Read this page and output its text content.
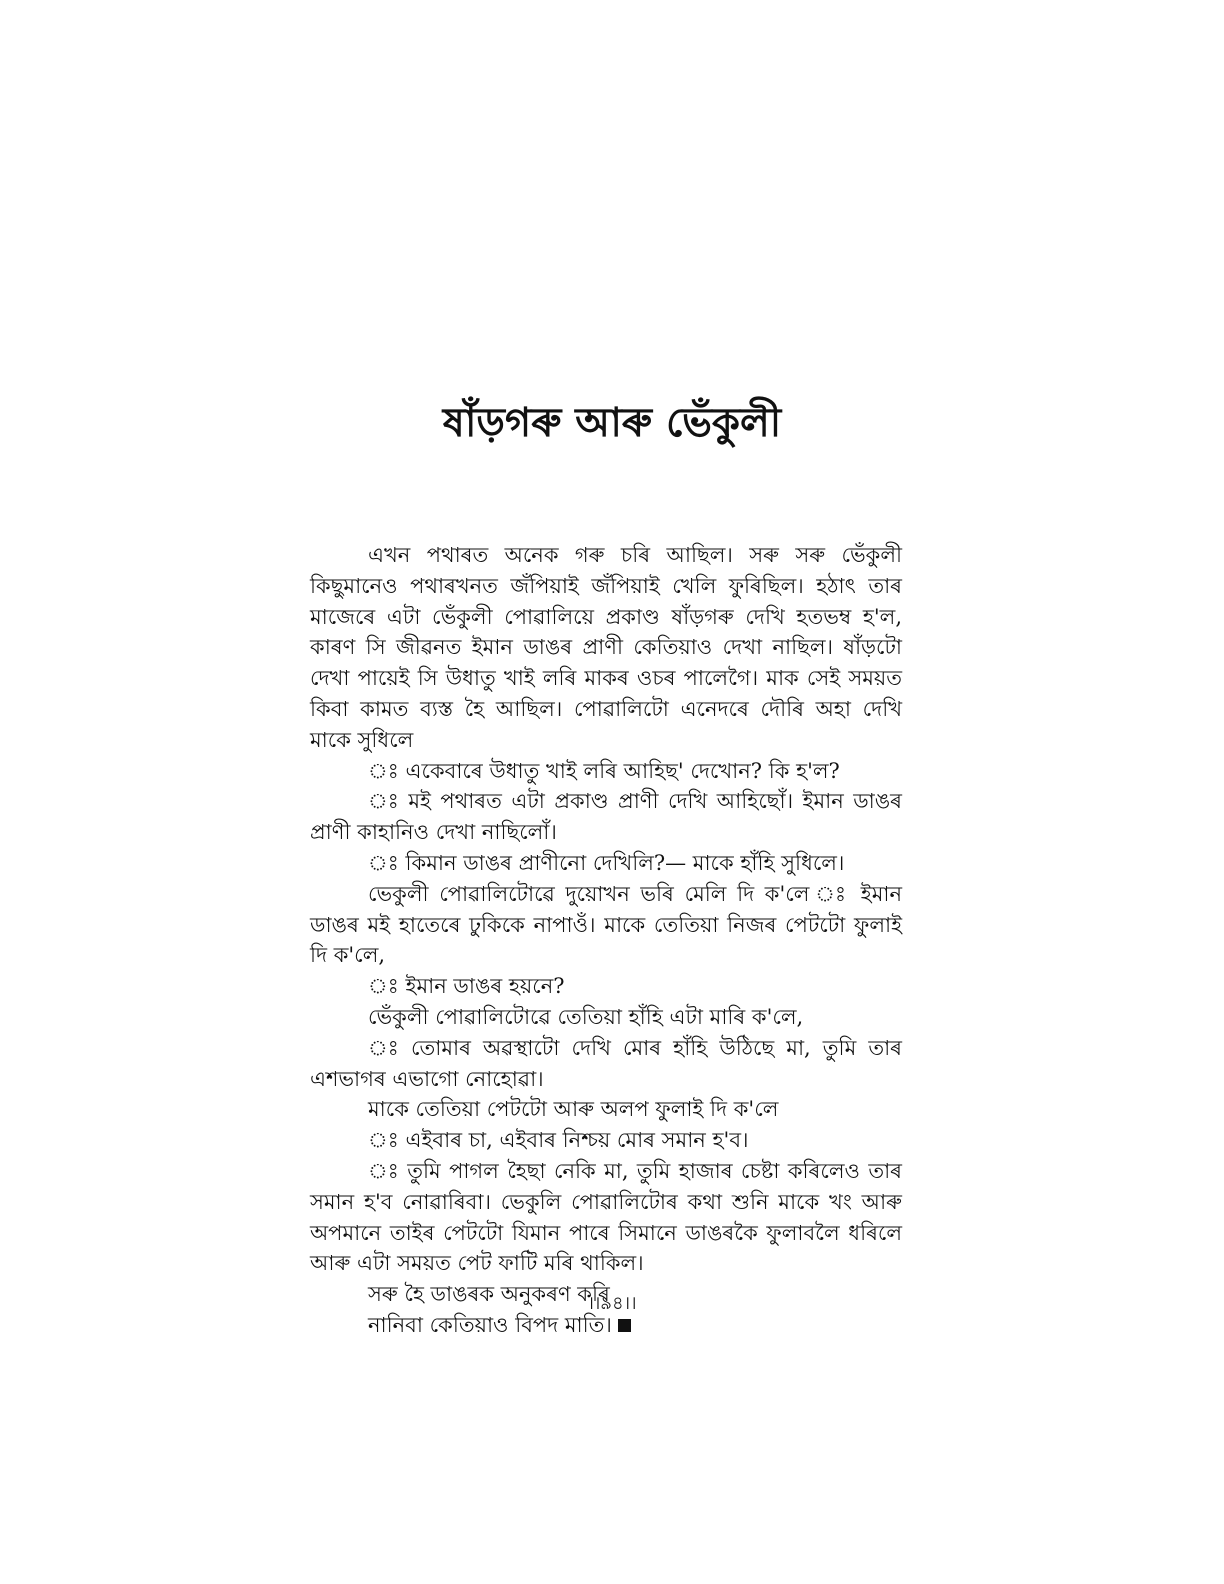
ষাঁড়গৰু আৰু ভেঁকুলী

এখন পথাৰত অনেক গৰু চৰি আছিল। সৰু সৰু ভেঁকুলী কিছুমানেও পথাৰখনত জঁপিয়াই জঁপিয়াই খেলি ফুৰিছিল। হঠাৎ তাৰ মাজেৰে এটা ভেঁকুলী পোৱালিয়ে প্ৰকাণ্ড ষাঁড়গৰু দেখি হতভম্ব হ'ল, কাৰণ সি জীৱনত ইমান ডাঙৰ প্ৰাণী কেতিয়াও দেখা নাছিল। ষাঁড়টো দেখা পায়েই সি উধাতু খাই লৰি মাকৰ ওচৰ পালেগৈ। মাক সেই সময়ত কিবা কামত ব্যস্ত হৈ আছিল। পোৱালিটো এনেদৰে দৌৰি অহা দেখি মাকে সুধিলে

ঃ একেবাৰে উধাতু খাই লৰি আহিছ' দেখোন? কি হ'ল?

ঃ মই পথাৰত এটা প্ৰকাণ্ড প্ৰাণী দেখি আহিছোঁ। ইমান ডাঙৰ প্ৰাণী কাহানিও দেখা নাছিলোঁ।

ঃ কিমান ডাঙৰ প্ৰাণীনো দেখিলি?— মাকে হাঁহি সুধিলে।

ভেকুলী পোৱালিটোৱে দুয়োখন ভৰি মেলি দি ক'লে ঃ ইমান ডাঙৰ মই হাতেৰে ঢুকিকে নাপাওঁ। মাকে তেতিয়া নিজৰ পেটটো ফুলাই দি ক'লে,

ঃ ইমান ডাঙৰ হয়নে?

ভেঁকুলী পোৱালিটোৱে তেতিয়া হাঁহি এটা মাৰি ক'লে,

ঃ তোমাৰ অৱস্থাটো দেখি মোৰ হাঁহি উঠিছে মা, তুমি তাৰ এশভাগৰ এভাগো নোহোৱা।

মাকে তেতিয়া পেটটো আৰু অলপ ফুলাই দি ক'লে

ঃ এইবাৰ চা, এইবাৰ নিশ্চয় মোৰ সমান হ'ব।

ঃ তুমি পাগল হৈছা নেকি মা, তুমি হাজাৰ চেষ্টা কৰিলেও তাৰ সমান হ'ব নোৱাৰিবা। ভেকুলি পোৱালিটোৰ কথা শুনি মাকে খং আৰু অপমানে তাইৰ পেটটো যিমান পাৰে সিমানে ডাঙৰকৈ ফুলাবলৈ ধৰিলে আৰু এটা সময়ত পেট ফাটি মৰি থাকিল।

সৰু হৈ ডাঙৰক অনুকৰণ কৰি

নানিবা কেতিয়াও বিপদ মাতি।

।।৯৪।।
